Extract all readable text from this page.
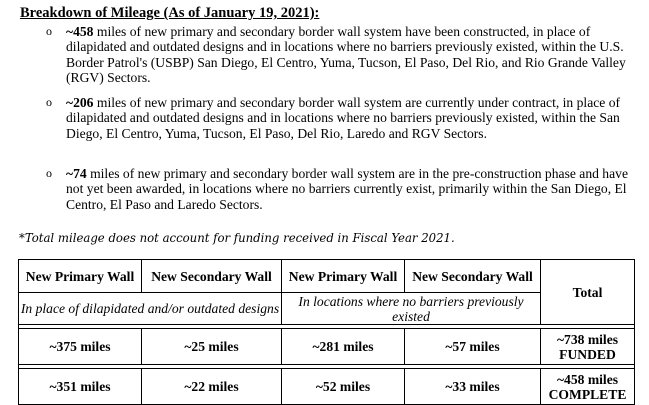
Breakdown of Mileage (As of January 19, 2021):
o ~458 miles of new primary and secondary border wall system have been constructed, in place of dilapidated and outdated designs and in locations where no barriers previously existed, within the U.S. Border Patrol's (USBP) San Diego, El Centro, Yuma, Tucson, El Paso, Del Rio, and Rio Grande Valley (RGV) Sectors.
o ~206 miles of new primary and secondary border wall system are currently under contract, in place of dilapidated and outdated designs and in locations where no barriers previously existed, within the San Diego, El Centro, Yuma, Tucson, El Paso, Del Rio, Laredo and RGV Sectors.
o ~74 miles of new primary and secondary border wall system are in the pre-construction phase and have not yet been awarded, in locations where no barriers currently exist, primarily within the San Diego, El Centro, El Paso and Laredo Sectors.
*Total mileage does not account for funding received in Fiscal Year 2021.
New Primary Wall	New Secondary Wall	New Primary Wall	New Secondary Wall	Total
In place of dilapidated and/or outdated designs		In locations where no barriers previously existed		

~375 miles	~25 miles	~281 miles	~57 miles	~738 miles
FUNDED

~351 miles	~22 miles	~52 miles	~33 miles	~458 miles
COMPLETE
